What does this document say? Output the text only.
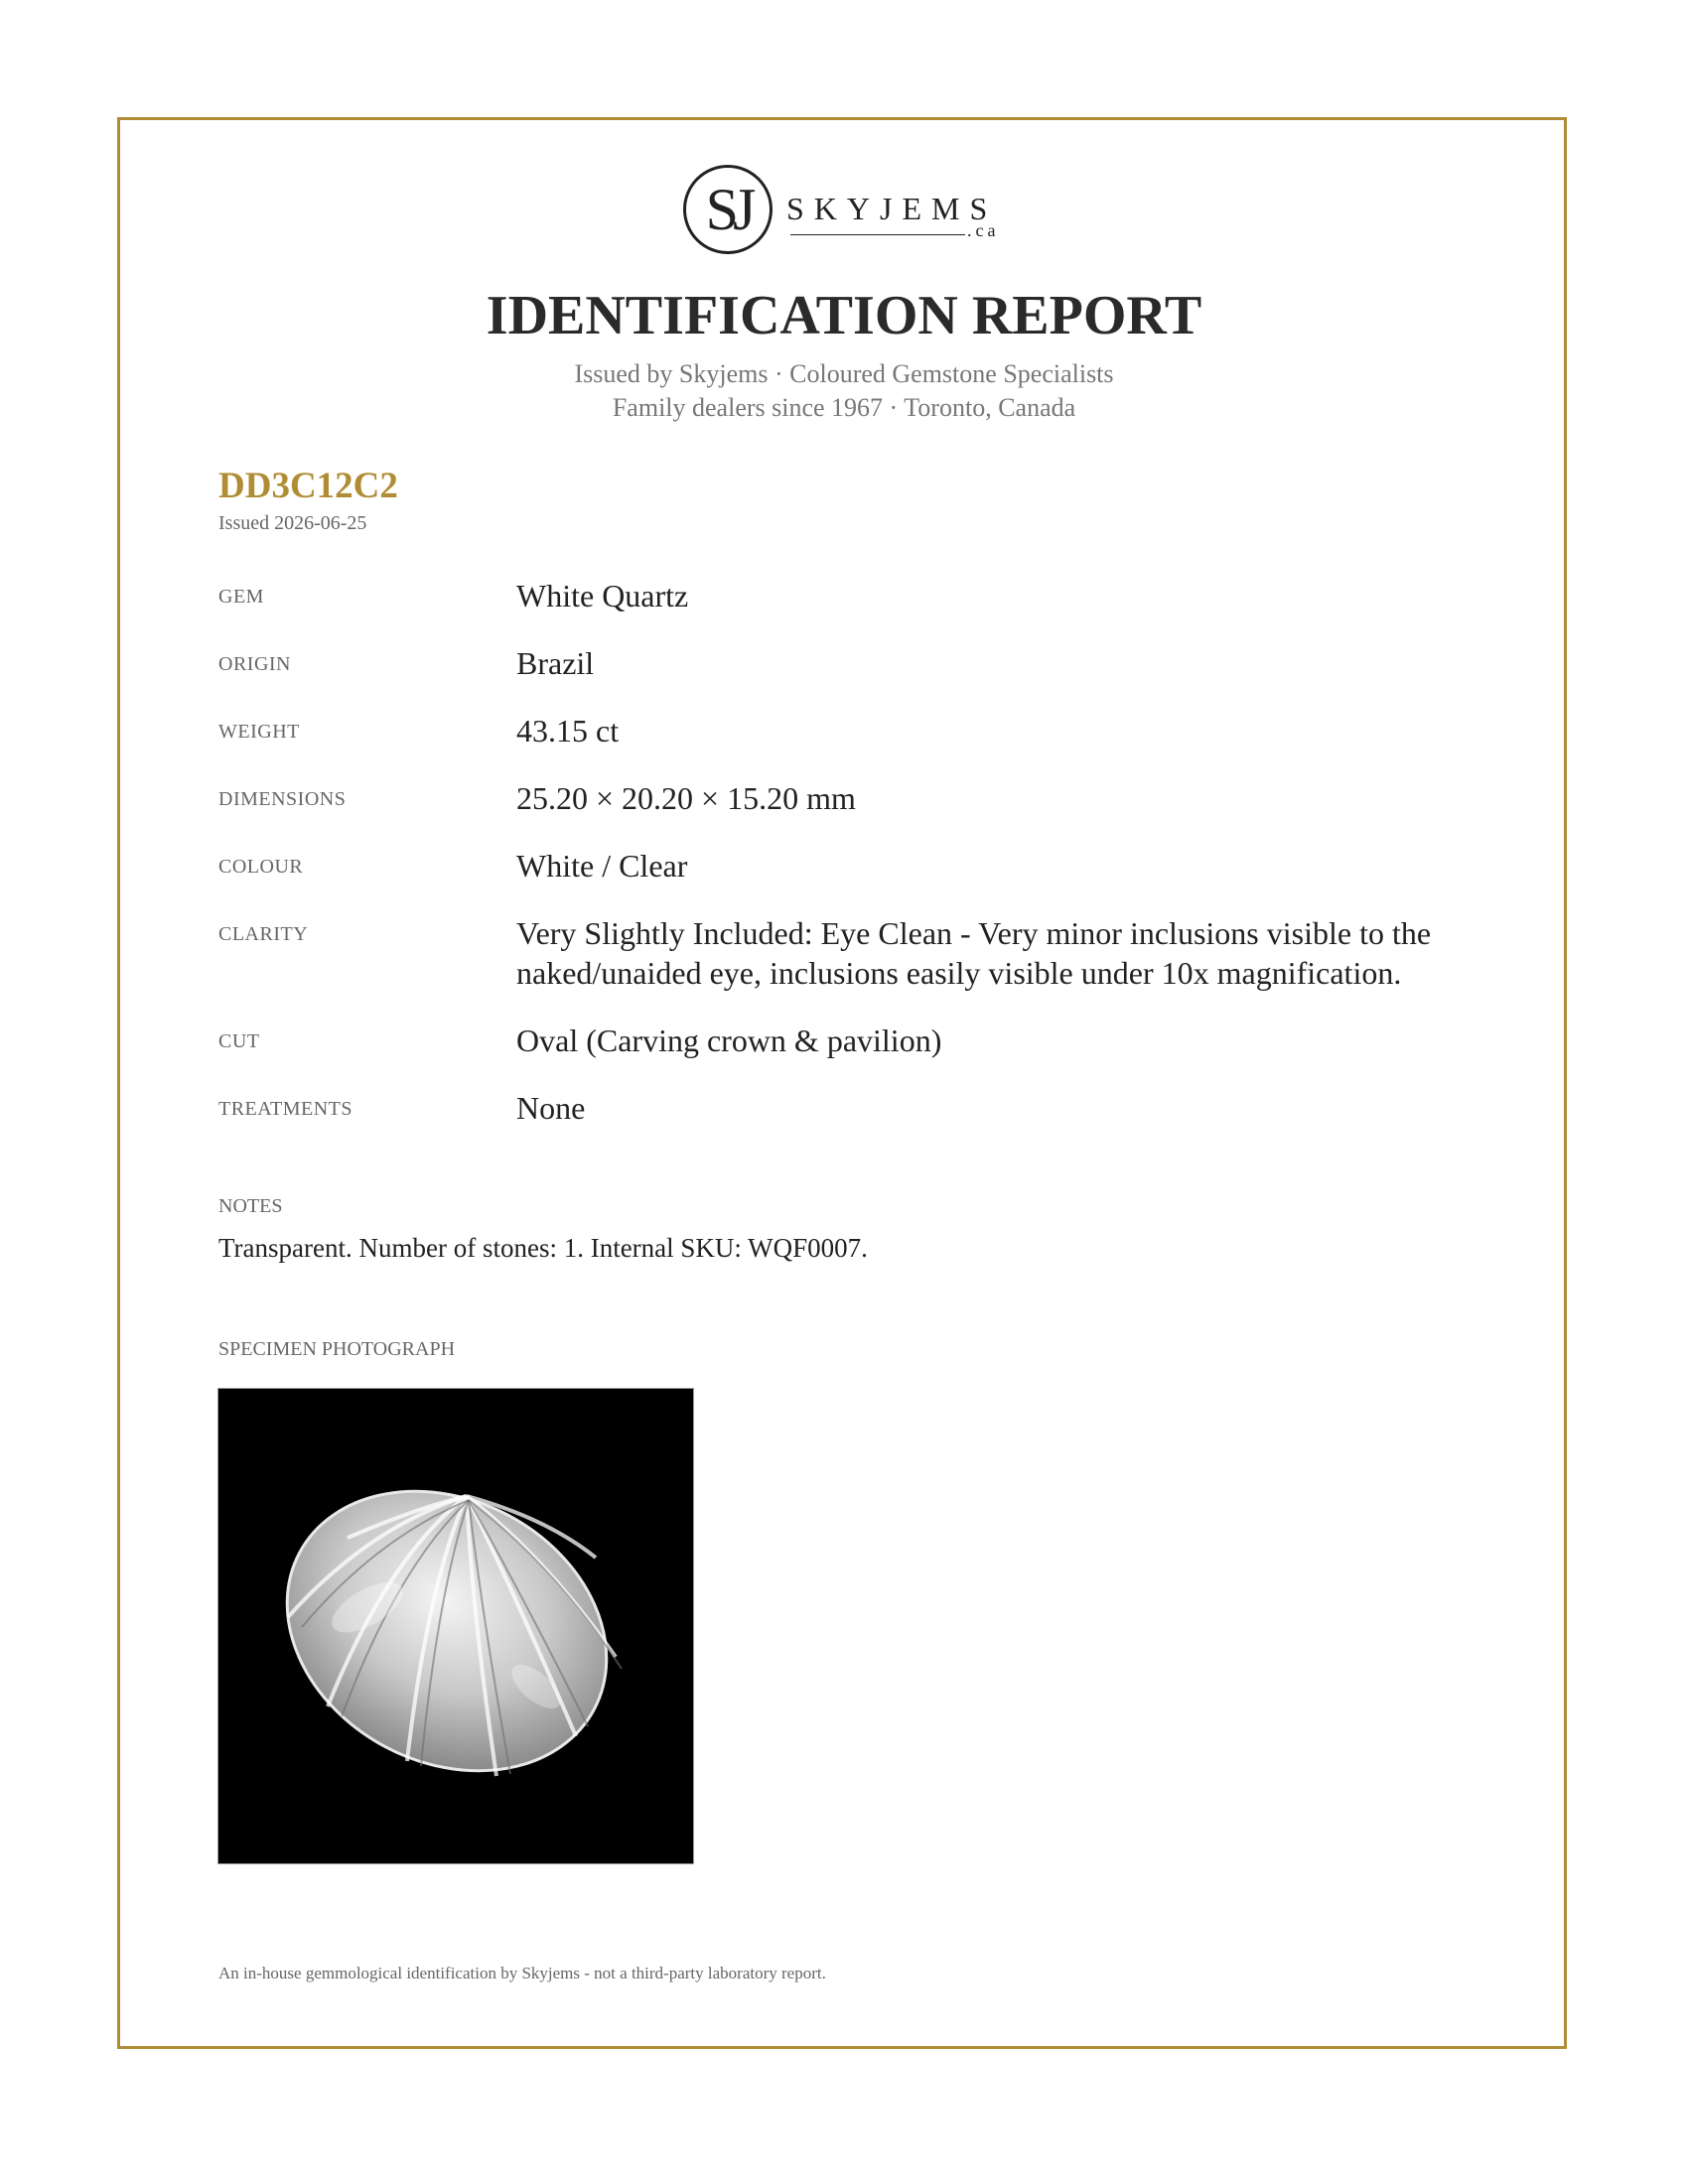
SJ	SKYJEMS
.ca
IDENTIFICATION REPORT
Issued by Skyjems · Coloured Gemstone Specialists
Family dealers since 1967 · Toronto, Canada
DD3C12C2
Issued 2026-06-25
GEM	White Quartz
ORIGIN	Brazil
WEIGHT	43.15 ct
DIMENSIONS	25.20 × 20.20 × 15.20 mm
COLOUR	White / Clear
CLARITY	Very Slightly Included: Eye Clean - Very minor inclusions visible to the naked/unaided eye, inclusions easily visible under 10x magnification.
CUT	Oval (Carving crown & pavilion)
TREATMENTS	None
NOTES
Transparent. Number of stones: 1. Internal SKU: WQF0007.
SPECIMEN PHOTOGRAPH
An in-house gemmological identification by Skyjems - not a third-party laboratory report.
